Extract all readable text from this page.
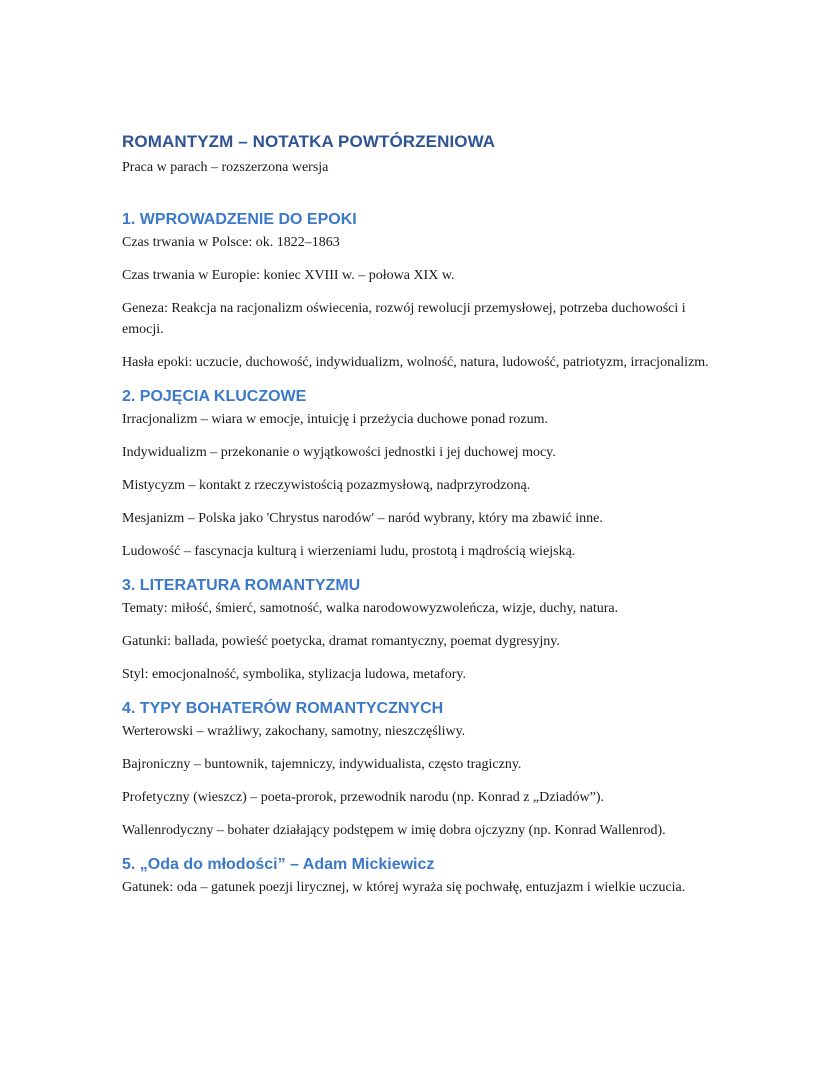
ROMANTYZM – NOTATKA POWTÓRZENIOWA

Praca w parach – rozszerzona wersja

1. WPROWADZENIE DO EPOKI

Czas trwania w Polsce: ok. 1822–1863

Czas trwania w Europie: koniec XVIII w. – połowa XIX w.

Geneza: Reakcja na racjonalizm oświecenia, rozwój rewolucji przemysłowej, potrzeba duchowości i emocji.

Hasła epoki: uczucie, duchowość, indywidualizm, wolność, natura, ludowość, patriotyzm, irracjonalizm.

2. POJĘCIA KLUCZOWE

Irracjonalizm – wiara w emocje, intuicję i przeżycia duchowe ponad rozum.

Indywidualizm – przekonanie o wyjątkowości jednostki i jej duchowej mocy.

Mistycyzm – kontakt z rzeczywistością pozazmysłową, nadprzyrodzoną.

Mesjanizm – Polska jako 'Chrystus narodów' – naród wybrany, który ma zbawić inne.

Ludowość – fascynacja kulturą i wierzeniami ludu, prostotą i mądrością wiejską.

3. LITERATURA ROMANTYZMU

Tematy: miłość, śmierć, samotność, walka narodowowyzwoleńcza, wizje, duchy, natura.

Gatunki: ballada, powieść poetycka, dramat romantyczny, poemat dygresyjny.

Styl: emocjonalność, symbolika, stylizacja ludowa, metafory.

4. TYPY BOHATERÓW ROMANTYCZNYCH

Werterowski – wrażliwy, zakochany, samotny, nieszczęśliwy.

Bajroniczny – buntownik, tajemniczy, indywidualista, często tragiczny.

Profetyczny (wieszcz) – poeta-prorok, przewodnik narodu (np. Konrad z „Dziadów”).

Wallenrodyczny – bohater działający podstępem w imię dobra ojczyzny (np. Konrad Wallenrod).

5. „Oda do młodości” – Adam Mickiewicz

Gatunek: oda – gatunek poezji lirycznej, w której wyraża się pochwałę, entuzjazm i wielkie uczucia.
